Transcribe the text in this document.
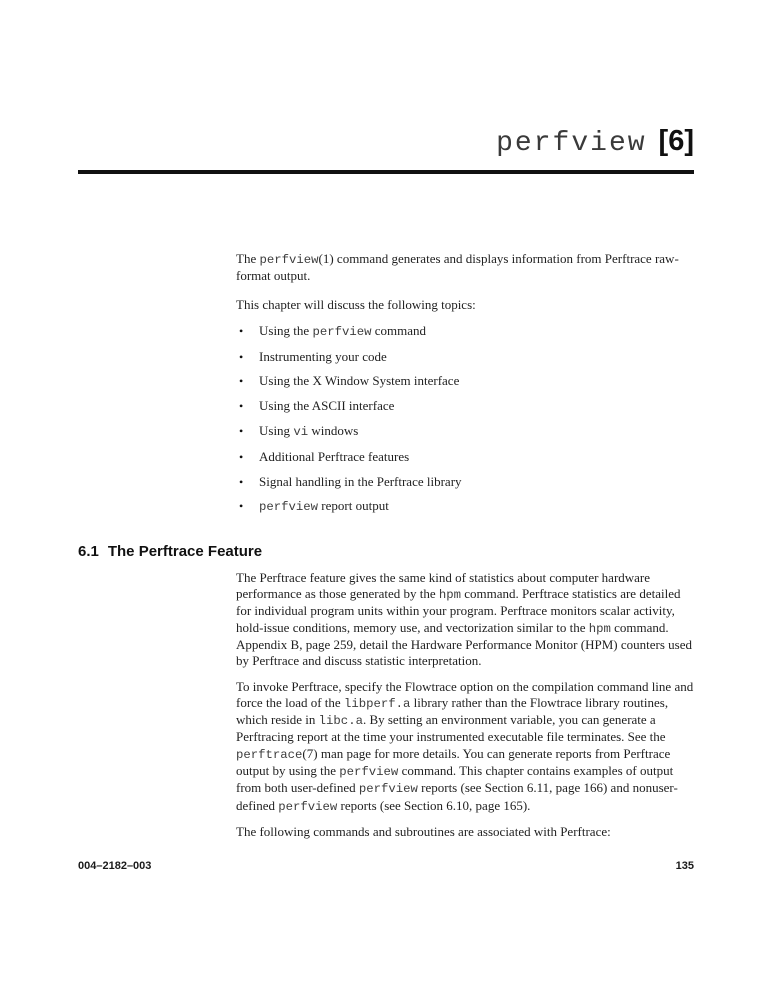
perfview [6]

The perfview(1) command generates and displays information from Perftrace raw-format output.

This chapter will discuss the following topics:

•	Using the perfview command
•	Instrumenting your code
•	Using the X Window System interface
•	Using the ASCII interface
•	Using vi windows
•	Additional Perftrace features
•	Signal handling in the Perftrace library
•	perfview report output
6.1 The Perftrace Feature

The Perftrace feature gives the same kind of statistics about computer hardware performance as those generated by the hpm command. Perftrace statistics are detailed for individual program units within your program. Perftrace monitors scalar activity, hold-issue conditions, memory use, and vectorization similar to the hpm command. Appendix B, page 259, detail the Hardware Performance Monitor (HPM) counters used by Perftrace and discuss statistic interpretation.

To invoke Perftrace, specify the Flowtrace option on the compilation command line and force the load of the libperf.a library rather than the Flowtrace library routines, which reside in libc.a. By setting an environment variable, you can generate a Perftracing report at the time your instrumented executable file terminates. See the perftrace(7) man page for more details. You can generate reports from Perftrace output by using the perfview command. This chapter contains examples of output from both user-defined perfview reports (see Section 6.11, page 166) and nonuser-defined perfview reports (see Section 6.10, page 165).

The following commands and subroutines are associated with Perftrace:

004–2182–003	135
